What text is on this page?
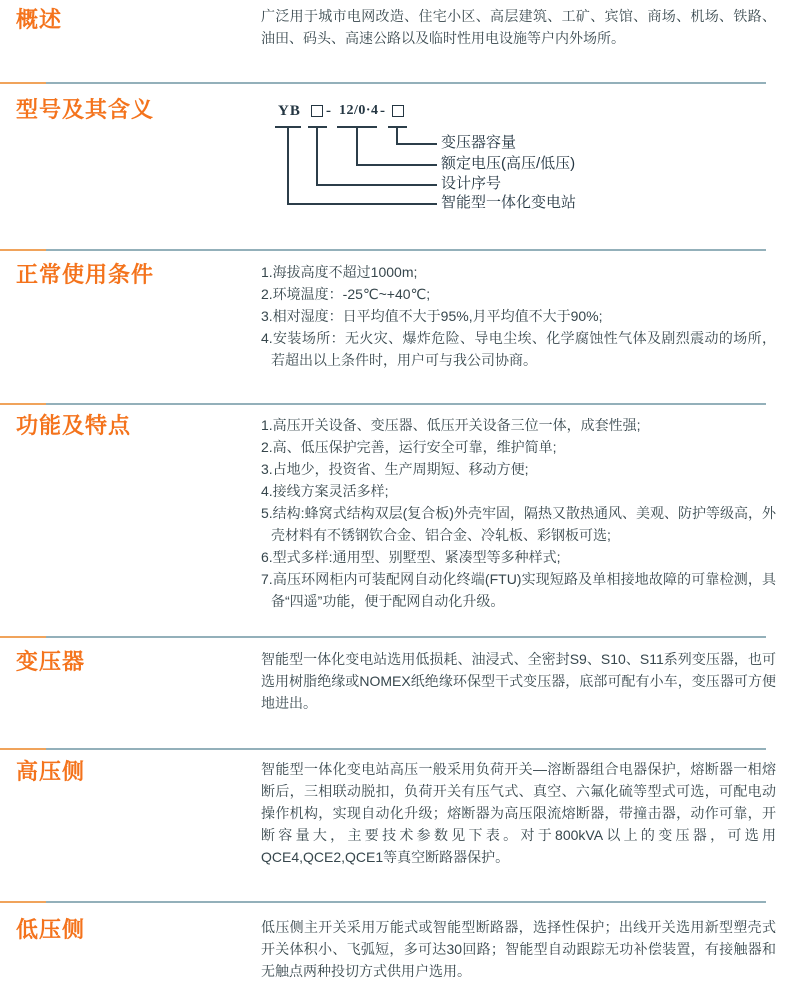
概述	广泛用于城市电网改造、住宅小区、高层建筑、工矿、宾馆、商场、机场、铁路、油田、码头、高速公路以及临时性用电设施等户内外场所。

型号及其含义	YB - 12/0·4 -

变压器容量

额定电压(高压/低压)

设计序号

智能型一体化变电站

正常使用条件	1.海拔高度不超过1000m;
2.环境温度：-25℃~+40℃;
3.相对湿度：日平均值不大于95%,月平均值不大于90%;
4.安装场所：无火灾、爆炸危险、导电尘埃、化学腐蚀性气体及剧烈震动的场所，若超出以上条件时，用户可与我公司协商。
功能及特点	1.高压开关设备、变压器、低压开关设备三位一体，成套性强;
2.高、低压保护完善，运行安全可靠，维护简单;
3.占地少，投资省、生产周期短、移动方便;
4.接线方案灵活多样;
5.结构:蜂窝式结构双层(复合板)外壳牢固，隔热又散热通风、美观、防护等级高，外壳材料有不锈钢钦合金、铝合金、冷轧板、彩钢板可选;
6.型式多样:通用型、别墅型、紧凑型等多种样式;
7.高压环网柜内可装配网自动化终端(FTU)实现短路及单相接地故障的可靠检测，具备“四遥”功能，便于配网自动化升级。
变压器	智能型一体化变电站选用低损耗、油浸式、全密封S9、S10、S11系列变压器，也可选用树脂绝缘或NOMEX纸绝缘环保型干式变压器，底部可配有小车，变压器可方便地进出。

高压侧	智能型一体化变电站高压一般采用负荷开关—溶断器组合电器保护，熔断器一相熔断后，三相联动脱扣，负荷开关有压气式、真空、六氟化硫等型式可选，可配电动操作机构，实现自动化升级；熔断器为高压限流熔断器，带撞击器，动作可靠，开断容量大，主要技术参数见下表。对于800kVA以上的变压器，可选用QCE4,QCE2,QCE1等真空断路器保护。

低压侧	低压侧主开关采用万能式或智能型断路器，选择性保护；出线开关选用新型塑壳式开关体积小、飞弧短，多可达30回路；智能型自动跟踪无功补偿装置，有接触器和无触点两种投切方式供用户选用。
